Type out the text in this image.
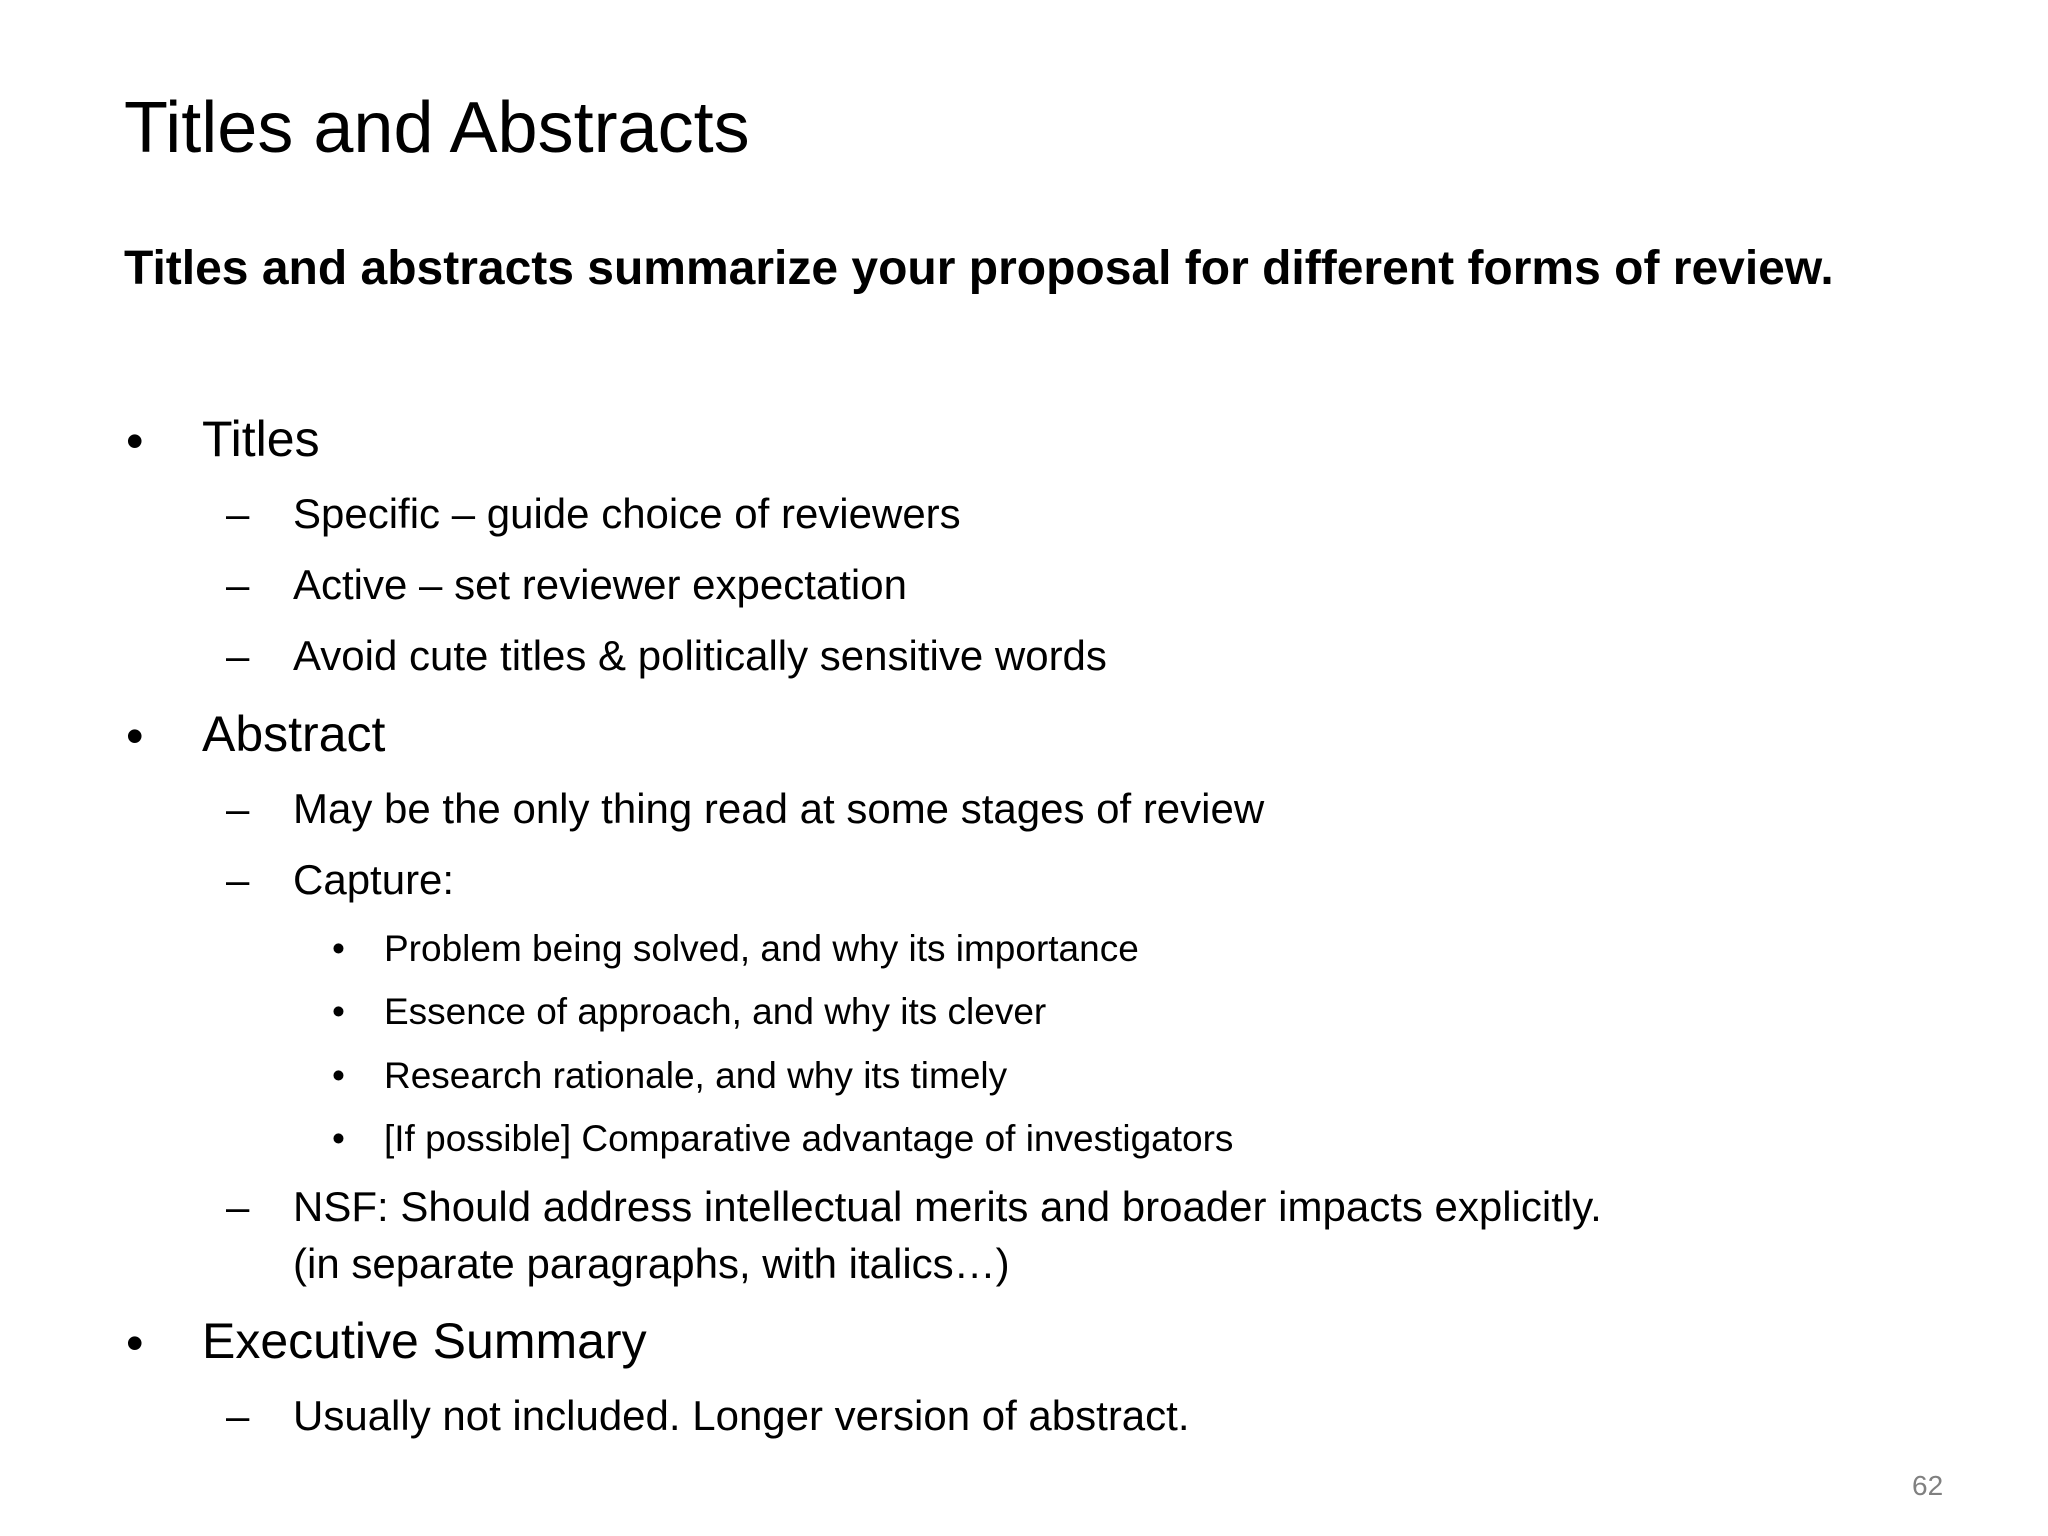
Titles and Abstracts
Titles and abstracts summarize your proposal for different forms of review.
• Titles
– Specific – guide choice of reviewers
– Active – set reviewer expectation
– Avoid cute titles & politically sensitive words
• Abstract
– May be the only thing read at some stages of review
– Capture:
• Problem being solved, and why its importance
• Essence of approach, and why its clever
• Research rationale, and why its timely
• [If possible] Comparative advantage of investigators
– NSF: Should address intellectual merits and broader impacts explicitly.
(in separate paragraphs, with italics…)
• Executive Summary
– Usually not included. Longer version of abstract.
62
